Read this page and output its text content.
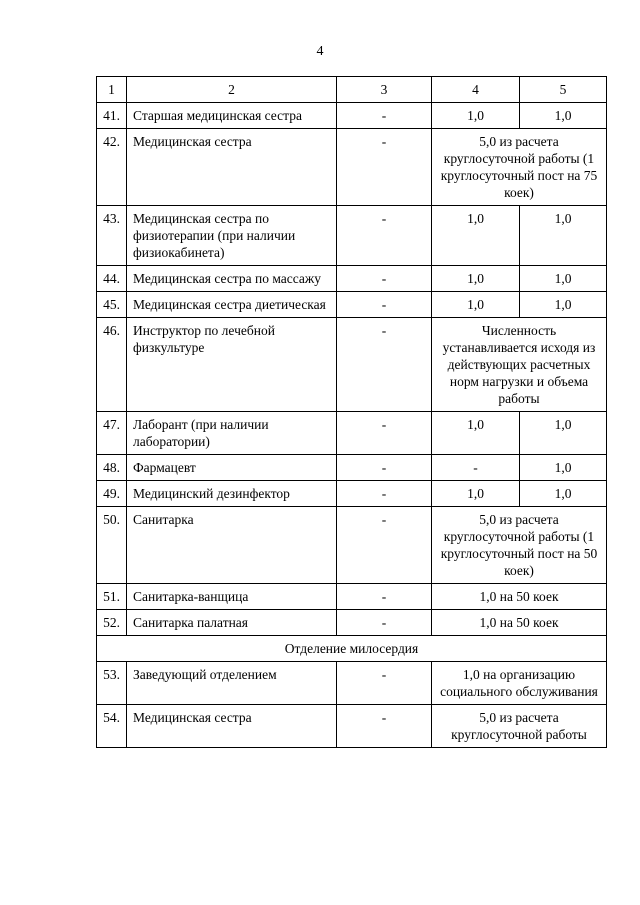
4
1	2	3	4	5
41.	Старшая медицинская сестра	-	1,0	1,0
42.	Медицинская сестра	-	5,0 из расчета круглосуточной работы (1 круглосуточный пост на 75 коек)	
43.	Медицинская сестра по физиотерапии (при наличии физиокабинета)	-	1,0	1,0
44.	Медицинская сестра по массажу	-	1,0	1,0
45.	Медицинская сестра диетическая	-	1,0	1,0
46.	Инструктор по лечебной физкультуре	-	Численность устанавливается исходя из действующих расчетных норм нагрузки и объема работы	
47.	Лаборант (при наличии лаборатории)	-	1,0	1,0
48.	Фармацевт	-	-	1,0
49.	Медицинский дезинфектор	-	1,0	1,0
50.	Санитарка	-	5,0 из расчета круглосуточной работы (1 круглосуточный пост на 50 коек)	
51.	Санитарка-ванщица	-	1,0 на 50 коек	
52.	Санитарка палатная	-	1,0 на 50 коек	
Отделение милосердия				
53.	Заведующий отделением	-	1,0 на организацию социального обслуживания	
54.	Медицинская сестра	-	5,0 из расчета круглосуточной работы	
